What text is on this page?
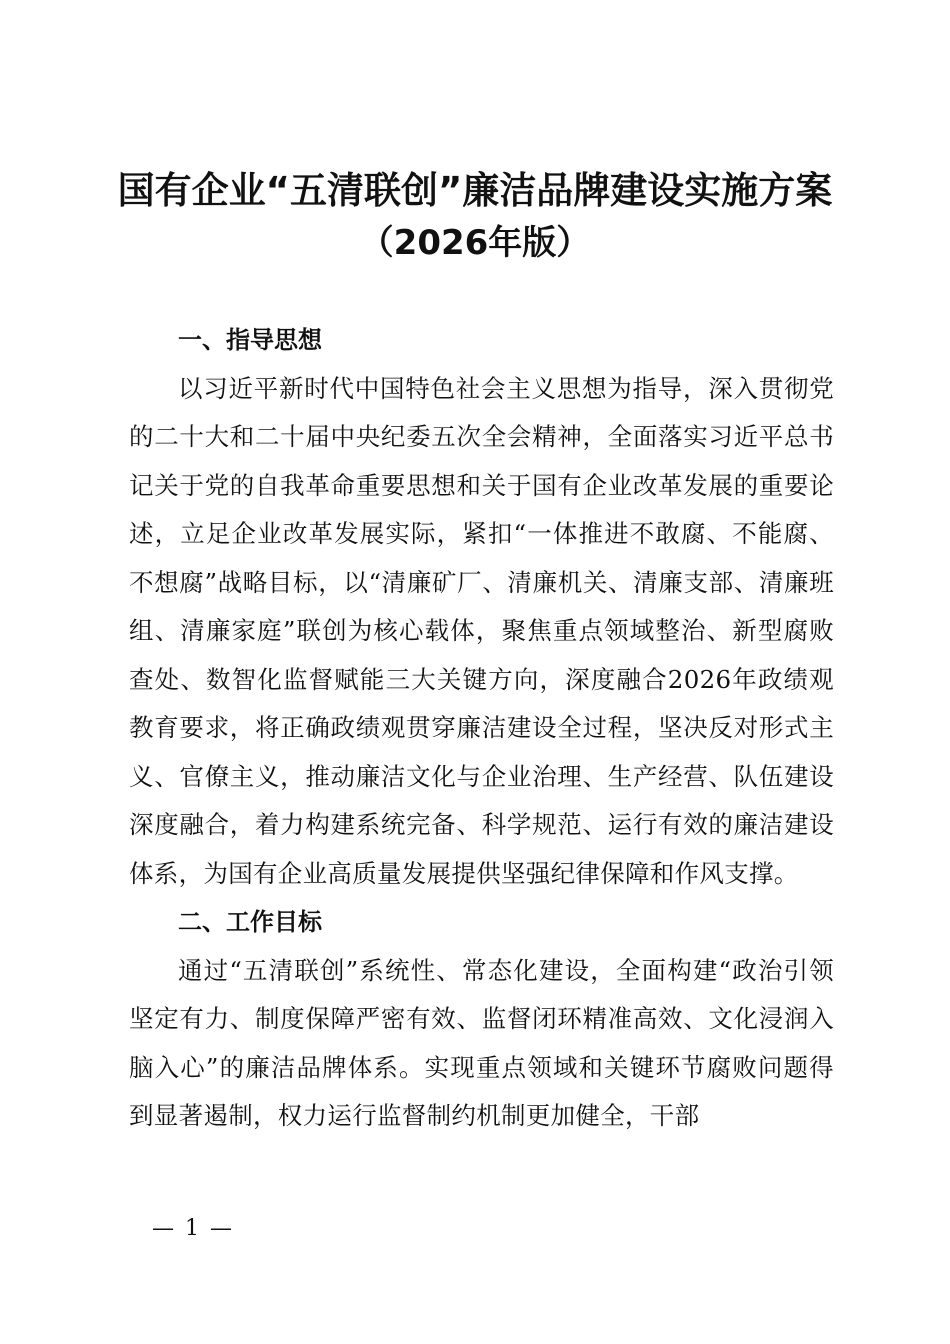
国有企业“五清联创”廉洁品牌建设实施方案
（2026年版）

一、指导思想

以习近平新时代中国特色社会主义思想为指导，深入贯彻党的二十大和二十届中央纪委五次全会精神，全面落实习近平总书记关于党的自我革命重要思想和关于国有企业改革发展的重要论述，立足企业改革发展实际，紧扣“一体推进不敢腐、不能腐、不想腐”战略目标，以“清廉矿厂、清廉机关、清廉支部、清廉班组、清廉家庭”联创为核心载体，聚焦重点领域整治、新型腐败查处、数智化监督赋能三大关键方向，深度融合2026年政绩观教育要求，将正确政绩观贯穿廉洁建设全过程，坚决反对形式主义、官僚主义，推动廉洁文化与企业治理、生产经营、队伍建设深度融合，着力构建系统完备、科学规范、运行有效的廉洁建设体系，为国有企业高质量发展提供坚强纪律保障和作风支撑。

二、工作目标

通过“五清联创”系统性、常态化建设，全面构建“政治引领坚定有力、制度保障严密有效、监督闭环精准高效、文化浸润入脑入心”的廉洁品牌体系。实现重点领域和关键环节腐败问题得到显著遏制，权力运行监督制约机制更加健全，干部

— 1 —
